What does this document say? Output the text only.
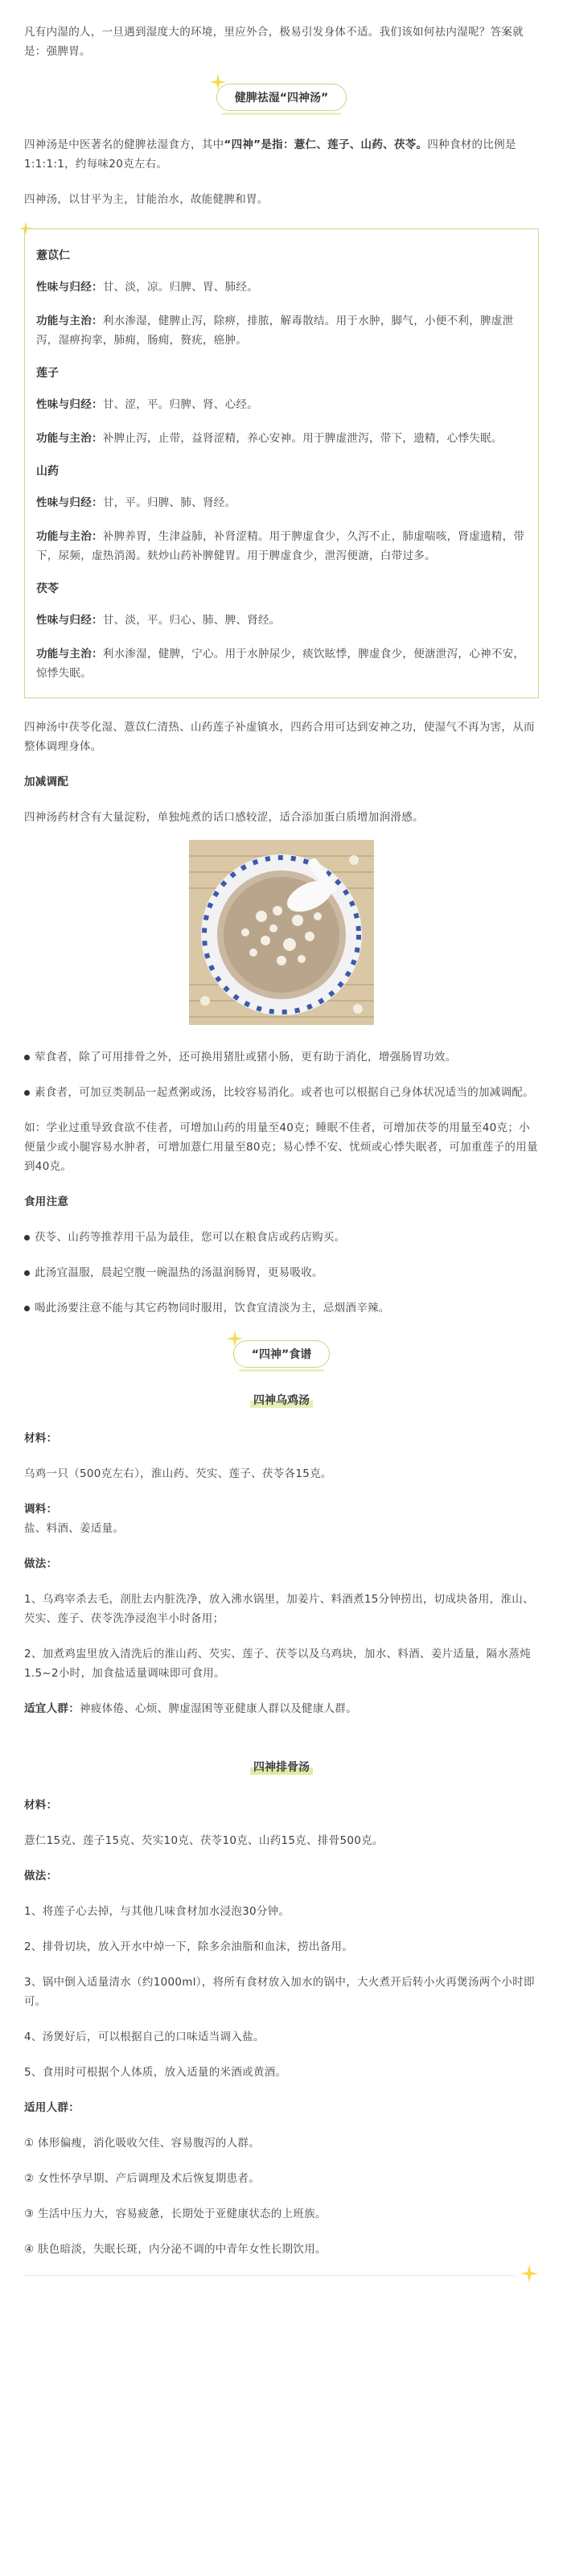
凡有内湿的人，一旦遇到湿度大的环境，里应外合，极易引发身体不适。我们该如何祛内湿呢？答案就是：强脾胃。

健脾祛湿“四神汤”

四神汤是中医著名的健脾祛湿食方，其中“四神”是指：薏仁、莲子、山药、茯苓。四种食材的比例是1:1:1:1，约每味20克左右。

四神汤，以甘平为主，甘能治水，故能健脾和胃。

薏苡仁

性味与归经：甘、淡，凉。归脾、胃、肺经。

功能与主治：利水渗湿，健脾止泻，除痹，排脓，解毒散结。用于水肿，脚气，小便不利，脾虚泄泻，湿痹拘挛，肺痈，肠痈，赘疣，癌肿。

莲子

性味与归经：甘、涩，平。归脾、肾、心经。

功能与主治：补脾止泻，止带，益肾涩精，养心安神。用于脾虚泄泻，带下，遗精，心悸失眠。

山药

性味与归经：甘，平。归脾、肺、肾经。

功能与主治：补脾养胃，生津益肺，补肾涩精。用于脾虚食少，久泻不止，肺虚喘咳，肾虚遗精，带下，尿频，虚热消渴。麸炒山药补脾健胃。用于脾虚食少，泄泻便溏，白带过多。

茯苓

性味与归经：甘、淡，平。归心、肺、脾、肾经。

功能与主治：利水渗湿，健脾，宁心。用于水肿尿少，痰饮眩悸，脾虚食少，便溏泄泻，心神不安，惊悸失眠。

四神汤中茯苓化湿、薏苡仁清热、山药莲子补虚镇水，四药合用可达到安神之功，使湿气不再为害，从而整体调理身体。

加减调配

四神汤药材含有大量淀粉，单独炖煮的话口感较涩，适合添加蛋白质增加润滑感。

荤食者，除了可用排骨之外，还可换用猪肚或猪小肠，更有助于消化，增强肠胃功效。

素食者，可加豆类制品一起煮粥或汤，比较容易消化。或者也可以根据自己身体状况适当的加减调配。

如：学业过重导致食欲不佳者，可增加山药的用量至40克；睡眠不佳者，可增加茯苓的用量至40克；小便量少或小腿容易水肿者，可增加薏仁用量至80克；易心悸不安、忧烦或心悸失眠者，可加重莲子的用量到40克。

食用注意

茯苓、山药等推荐用干品为最佳，您可以在粮食店或药店购买。

此汤宜温服，晨起空腹一碗温热的汤温润肠胃，更易吸收。

喝此汤要注意不能与其它药物同时服用，饮食宜清淡为主，忌烟酒辛辣。

“四神”食谱
四神乌鸡汤

材料：

乌鸡一只（500克左右），淮山药、芡实、莲子、茯苓各15克。

调料：

盐、料酒、姜适量。

做法：

1、乌鸡宰杀去毛，剖肚去内脏洗净，放入沸水锅里，加姜片、料酒煮15分钟捞出，切成块备用，淮山、芡实、莲子、茯苓洗净浸泡半小时备用；

2、加煮鸡盅里放入清洗后的淮山药、芡实、莲子、茯苓以及乌鸡块，加水、料酒、姜片适量，隔水蒸炖1.5~2小时，加食盐适量调味即可食用。

适宜人群：神疲体倦、心烦、脾虚湿困等亚健康人群以及健康人群。

四神排骨汤

材料：

薏仁15克、莲子15克、芡实10克、茯苓10克、山药15克、排骨500克。

做法：

1、将莲子心去掉，与其他几味食材加水浸泡30分钟。

2、排骨切块，放入开水中焯一下，除多余油脂和血沫，捞出备用。

3、锅中倒入适量清水（约1000ml），将所有食材放入加水的锅中，大火煮开后转小火再煲汤两个小时即可。

4、汤煲好后，可以根据自己的口味适当调入盐。

5、食用时可根据个人体质，放入适量的米酒或黄酒。

适用人群：

① 体形偏瘦，消化吸收欠佳、容易腹泻的人群。

② 女性怀孕早期、产后调理及术后恢复期患者。

③ 生活中压力大，容易疲惫，长期处于亚健康状态的上班族。

④ 肤色暗淡，失眠长斑，内分泌不调的中青年女性长期饮用。
